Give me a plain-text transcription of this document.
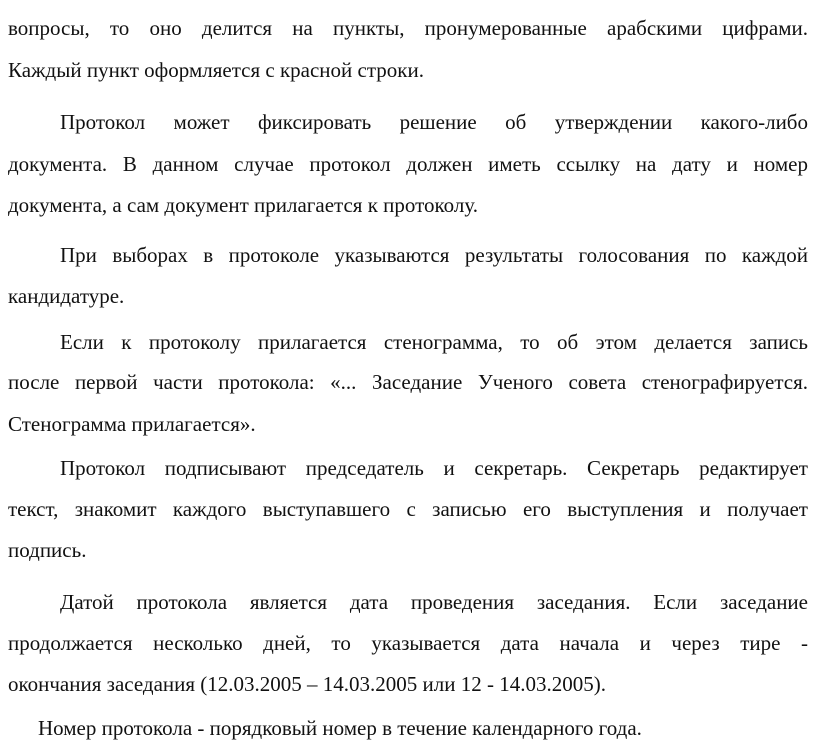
вопросы, то оно делится на пункты, пронумерованные арабскими цифрами.
Каждый пункт оформляется с красной строки.
Протокол может фиксировать решение об утверждении какого-либо
документа. В данном случае протокол должен иметь ссылку на дату и номер
документа, а сам документ прилагается к протоколу.
При выборах в протоколе указываются результаты голосования по каждой
кандидатуре.
Если к протоколу прилагается стенограмма, то об этом делается запись
после первой части протокола: «... Заседание Ученого совета стенографируется.
Стенограмма прилагается».
Протокол подписывают председатель и секретарь. Секретарь редактирует
текст, знакомит каждого выступавшего с записью его выступления и получает
подпись.
Датой протокола является дата проведения заседания. Если заседание
продолжается несколько дней, то указывается дата начала и через тире -
окончания заседания (12.03.2005 – 14.03.2005 или 12 - 14.03.2005).
Номер протокола - порядковый номер в течение календарного года.
